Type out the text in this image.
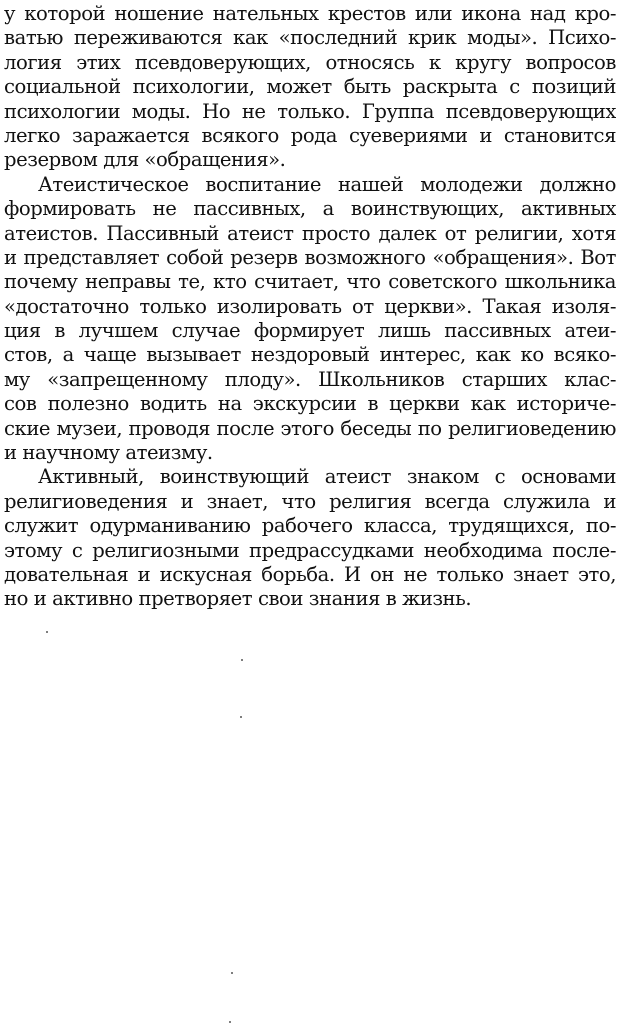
у которой ношение нательных крестов или икона над кро-
ватью переживаются как «последний крик моды». Психо-
логия этих псевдоверующих, относясь к кругу вопросов
социальной психологии, может быть раскрыта с позиций
психологии моды. Но не только. Группа псевдоверующих
легко заражается всякого рода суевериями и становится
резервом для «обращения».
Атеистическое воспитание нашей молодежи должно
формировать не пассивных, а воинствующих, активных
атеистов. Пассивный атеист просто далек от религии, хотя
и представляет собой резерв возможного «обращения». Вот
почему неправы те, кто считает, что советского школьника
«достаточно только изолировать от церкви». Такая изоля-
ция в лучшем случае формирует лишь пассивных атеи-
стов, а чаще вызывает нездоровый интерес, как ко всяко-
му «запрещенному плоду». Школьников старших клас-
сов полезно водить на экскурсии в церкви как историче-
ские музеи, проводя после этого беседы по религиоведению
и научному атеизму.
Активный, воинствующий атеист знаком с основами
религиоведения и знает, что религия всегда служила и
служит одурманиванию рабочего класса, трудящихся, по-
этому с религиозными предрассудками необходима после-
довательная и искусная борьба. И он не только знает это,
но и активно претворяет свои знания в жизнь.
